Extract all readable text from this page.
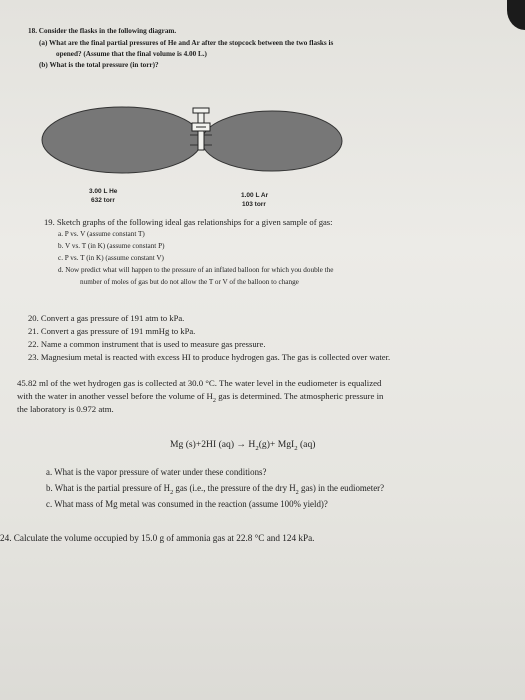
18. Consider the flasks in the following diagram.
(a) What are the final partial pressures of He and Ar after the stopcock between the two flasks is
opened? (Assume that the final volume is 4.00 L.)
(b) What is the total pressure (in torr)?
3.00 L He
632 torr
1.00 L Ar
103 torr
19. Sketch graphs of the following ideal gas relationships for a given sample of gas:
a. P vs. V (assume constant T)
b. V vs. T (in K) (assume constant P)
c. P vs. T (in K) (assume constant V)
d. Now predict what will happen to the pressure of an inflated balloon for which you double the
number of moles of gas but do not allow the T or V of the balloon to change
20. Convert a gas pressure of 191 atm to kPa.
21. Convert a gas pressure of 191 mmHg to kPa.
22. Name a common instrument that is used to measure gas pressure.
23. Magnesium metal is reacted with excess HI to produce hydrogen gas. The gas is collected over water.
45.82 ml of the wet hydrogen gas is collected at 30.0 °C. The water level in the eudiometer is equalized
with the water in another vessel before the volume of $H_2$ gas is determined. The atmospheric pressure in
the laboratory is 0.972 atm.
Mg (s)+2HI $(aq) \to H_2(g)+ MgI_2$ (aq)
a. What is the vapor pressure of water under these conditions?
b. What is the partial pressure of $H_2$ gas (i.e., the pressure of the dry $H_2$ gas) in the eudiometer?
c. What mass of Mg metal was consumed in the reaction (assume 100% yield)?
24. Calculate the volume occupied by 15.0 g of ammonia gas at 22.8 °C and 124 kPa.
